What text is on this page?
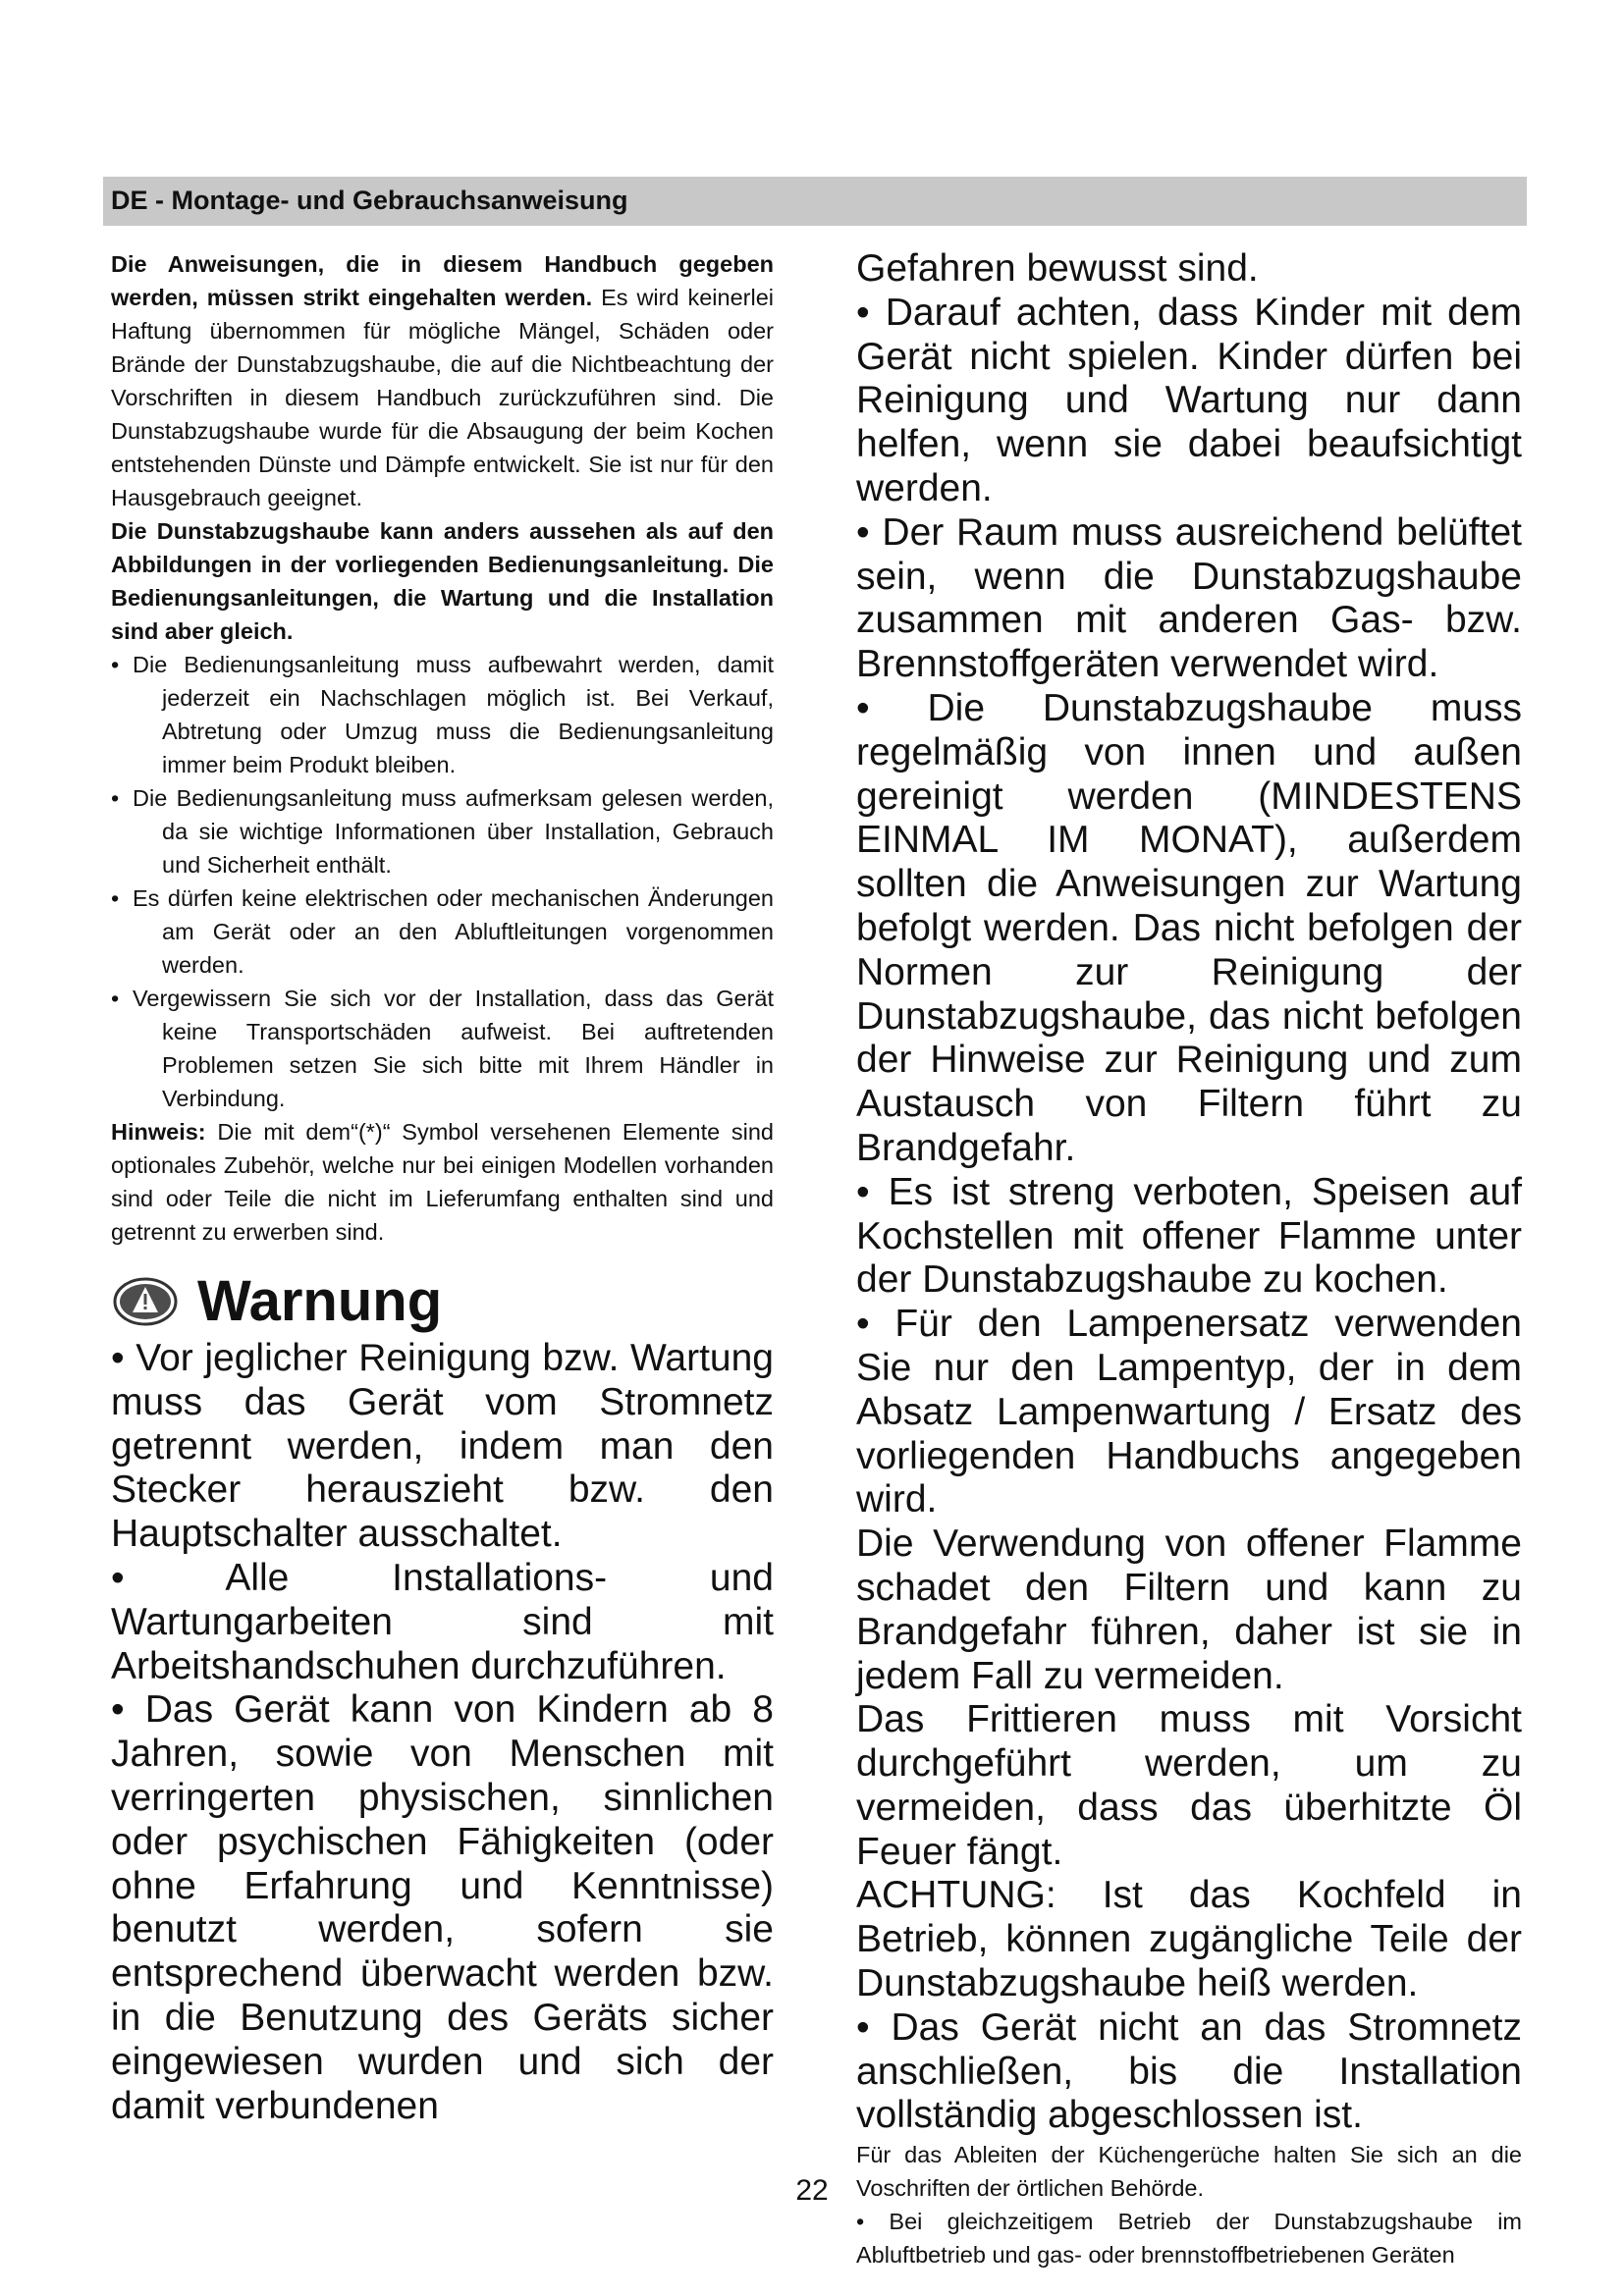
DE - Montage- und Gebrauchsanweisung

Die Anweisungen, die in diesem Handbuch gegeben werden, müssen strikt eingehalten werden. Es wird keinerlei Haftung übernommen für mögliche Mängel, Schäden oder Brände der Dunstabzugshaube, die auf die Nichtbeachtung der Vorschriften in diesem Handbuch zurückzuführen sind. Die Dunstabzugshaube wurde für die Absaugung der beim Kochen entstehenden Dünste und Dämpfe entwickelt. Sie ist nur für den Hausgebrauch geeignet.

Die Dunstabzugshaube kann anders aussehen als auf den Abbildungen in der vorliegenden Bedienungsanleitung. Die Bedienungsanleitungen, die Wartung und die Installation sind aber gleich.

• Die Bedienungsanleitung muss aufbewahrt werden, damit jederzeit ein Nachschlagen möglich ist. Bei Verkauf, Abtretung oder Umzug muss die Bedienungsanleitung immer beim Produkt bleiben.
• Die Bedienungsanleitung muss aufmerksam gelesen werden, da sie wichtige Informationen über Installation, Gebrauch und Sicherheit enthält.
• Es dürfen keine elektrischen oder mechanischen Änderungen am Gerät oder an den Abluftleitungen vorgenommen werden.
• Vergewissern Sie sich vor der Installation, dass das Gerät keine Transportschäden aufweist. Bei auftretenden Problemen setzen Sie sich bitte mit Ihrem Händler in Verbindung.

Hinweis: Die mit dem“(*)“ Symbol versehenen Elemente sind optionales Zubehör, welche nur bei einigen Modellen vorhanden sind oder Teile die nicht im Lieferumfang enthalten sind und getrennt zu erwerben sind.

Warnung

• Vor jeglicher Reinigung bzw. Wartung muss das Gerät vom Stromnetz getrennt werden, indem man den Stecker herauszieht bzw. den Hauptschalter ausschaltet.

• Alle Installations- und Wartungarbeiten sind mit Arbeitshandschuhen durchzuführen.

• Das Gerät kann von Kindern ab 8 Jahren, sowie von Menschen mit verringerten physischen, sinnlichen oder psychischen Fähigkeiten (oder ohne Erfahrung und Kenntnisse) benutzt werden, sofern sie entsprechend überwacht werden bzw. in die Benutzung des Geräts sicher eingewiesen wurden und sich der damit verbundenen

Gefahren bewusst sind.

• Darauf achten, dass Kinder mit dem Gerät nicht spielen. Kinder dürfen bei Reinigung und Wartung nur dann helfen, wenn sie dabei beaufsichtigt werden.

• Der Raum muss ausreichend belüftet sein, wenn die Dunstabzugshaube zusammen mit anderen Gas- bzw. Brennstoffgeräten verwendet wird.

• Die Dunstabzugshaube muss regelmäßig von innen und außen gereinigt werden (MINDESTENS EINMAL IM MONAT), außerdem sollten die Anweisungen zur Wartung befolgt werden. Das nicht befolgen der Normen zur Reinigung der Dunstabzugshaube, das nicht befolgen der Hinweise zur Reinigung und zum Austausch von Filtern führt zu Brandgefahr.

• Es ist streng verboten, Speisen auf Kochstellen mit offener Flamme unter der Dunstabzugshaube zu kochen.

• Für den Lampenersatz verwenden Sie nur den Lampentyp, der in dem Absatz Lampenwartung / Ersatz des vorliegenden Handbuchs angegeben wird.

Die Verwendung von offener Flamme schadet den Filtern und kann zu Brandgefahr führen, daher ist sie in jedem Fall zu vermeiden.

Das Frittieren muss mit Vorsicht durchgeführt werden, um zu vermeiden, dass das überhitzte Öl Feuer fängt.

ACHTUNG: Ist das Kochfeld in Betrieb, können zugängliche Teile der Dunstabzugshaube heiß werden.

• Das Gerät nicht an das Stromnetz anschließen, bis die Installation vollständig abgeschlossen ist.

Für das Ableiten der Küchengerüche halten Sie sich an die Voschriften der örtlichen Behörde.

• Bei gleichzeitigem Betrieb der Dunstabzugshaube im Abluftbetrieb und gas- oder brennstoffbetriebenen Geräten

22
